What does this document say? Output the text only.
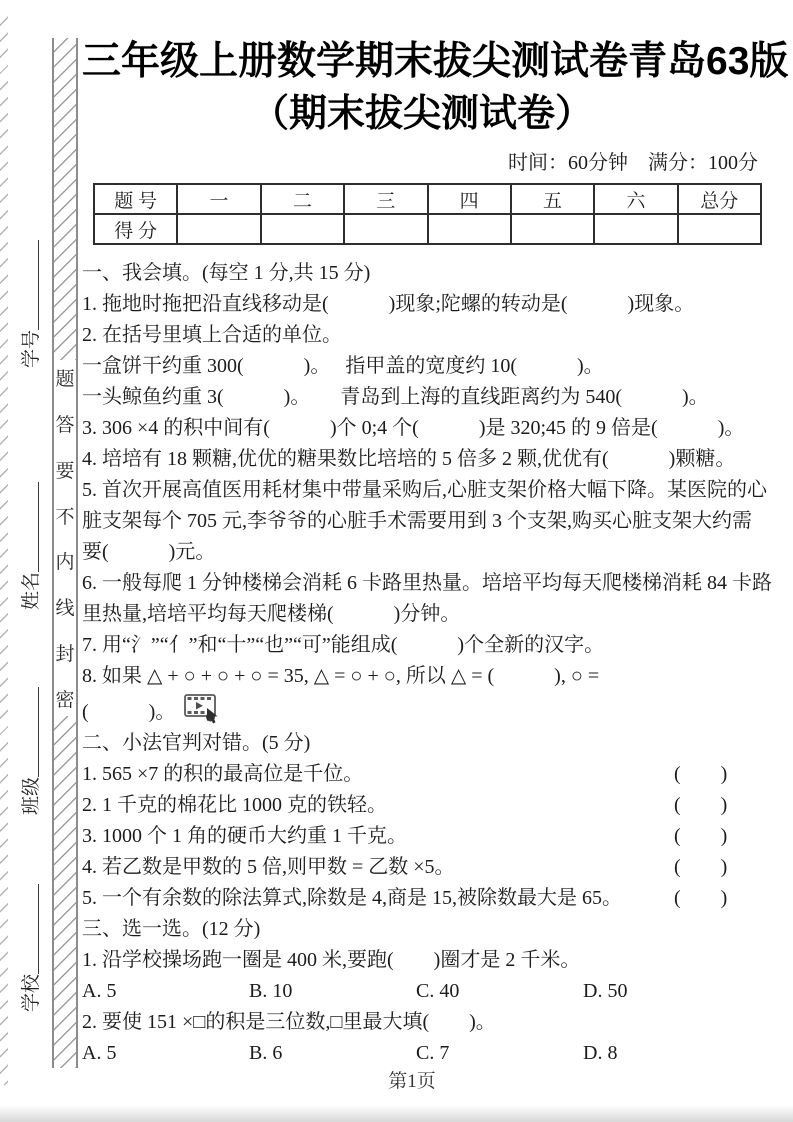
学号
姓名
班级
学校
题
答
要
不
内
线
封
密
三年级上册数学期末拔尖测试卷青岛63版
（期末拔尖测试卷）
时间：60分钟　满分：100分
题 号	一	二	三	四	五	六	总分
得 分							

一、我会填。(每空 1 分,共 15 分)

1. 拖地时拖把沿直线移动是(　　　)现象;陀螺的转动是(　　　)现象。

2. 在括号里填上合适的单位。

一盒饼干约重 300(　　　)。　 指甲盖的宽度约 10(　　　)。

一头鲸鱼约重 3(　　　)。　　青岛到上海的直线距离约为 540(　　　)。

3. 306 ×4 的积中间有(　　　)个 0;4 个(　　　)是 320;45 的 9 倍是(　　　)。

4. 培培有 18 颗糖,优优的糖果数比培培的 5 倍多 2 颗,优优有(　　　)颗糖。

5. 首次开展高值医用耗材集中带量采购后,心脏支架价格大幅下降。某医院的心

脏支架每个 705 元,李爷爷的心脏手术需要用到 3 个支架,购买心脏支架大约需

要(　　　)元。

6. 一般每爬 1 分钟楼梯会消耗 6 卡路里热量。培培平均每天爬楼梯消耗 84 卡路

里热量,培培平均每天爬楼梯(　　　)分钟。

7. 用“氵”“亻”和“十”“也”“可”能组成(　　　)个全新的汉字。

8. 如果 △ + ○ + ○ + ○ = 35, △ = ○ + ○, 所以 △ = (　　　), ○ =

(　　　)。

二、小法官判对错。(5 分)

1. 565 ×7 的积的最高位是千位。	(　　)

2. 1 千克的棉花比 1000 克的铁轻。	(　　)

3. 1000 个 1 角的硬币大约重 1 千克。	(　　)

4. 若乙数是甲数的 5 倍,则甲数 = 乙数 ×5。	(　　)

5. 一个有余数的除法算式,除数是 4,商是 15,被除数最大是 65。	(　　)

三、选一选。(12 分)

1. 沿学校操场跑一圈是 400 米,要跑(　　)圈才是 2 千米。

A. 5	B. 10	C. 40	D. 50

2. 要使 151 ×□的积是三位数,□里最大填(　　)。

A. 5	B. 6	C. 7	D. 8

第1页
